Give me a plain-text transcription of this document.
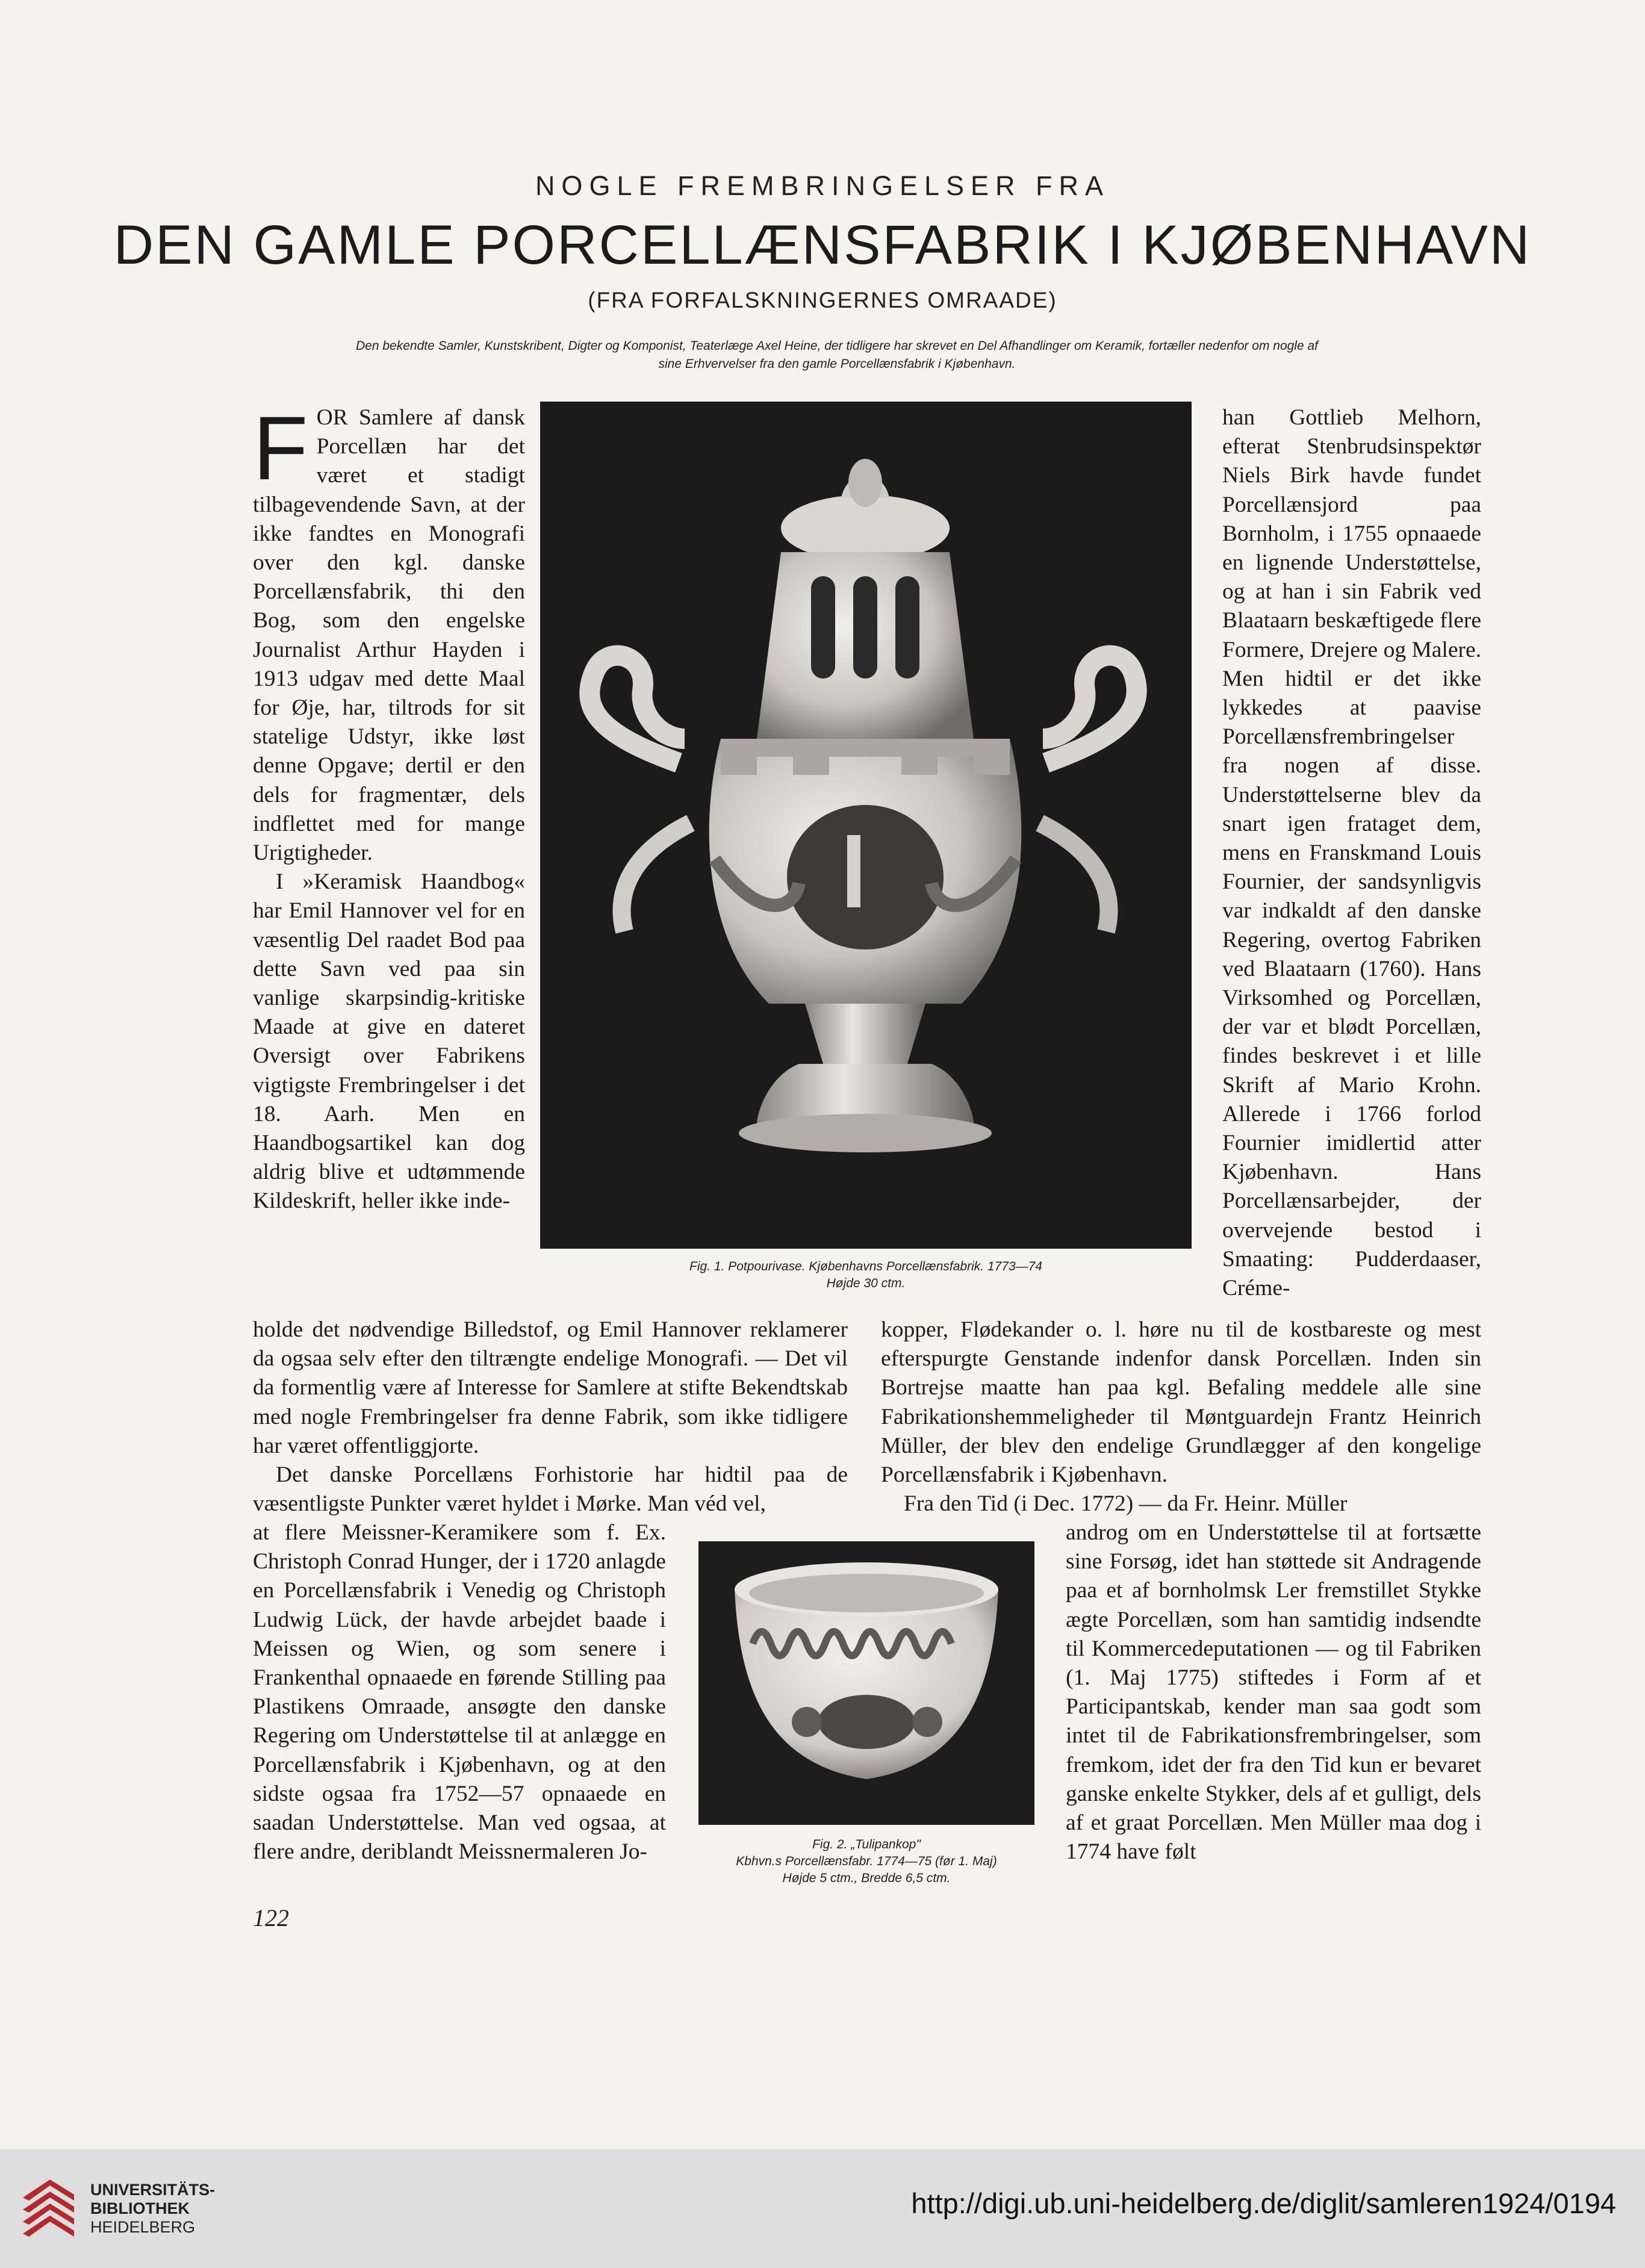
NOGLE FREMBRINGELSER FRA
DEN GAMLE PORCELLÆNSFABRIK I KJØBENHAVN
(FRA FORFALSKNINGERNES OMRAADE)
Den bekendte Samler, Kunstskribent, Digter og Komponist, Teaterlæge Axel Heine, der tidligere har skrevet en Del Afhandlinger om Keramik, fortæller nedenfor om nogle af sine Erhvervelser fra den gamle Porcellænsfabrik i Kjøbenhavn.

FOR Samlere af dansk Porcellæn har det været et stadigt tilbagevendende Savn, at der ikke fandtes en Monografi over den kgl. danske Porcellænsfabrik, thi den Bog, som den engelske Journalist Arthur Hayden i 1913 udgav med dette Maal for Øje, har, tiltrods for sit statelige Udstyr, ikke løst denne Opgave; dertil er den dels for fragmentær, dels indflettet med for mange Urigtigheder.

I »Keramisk Haandbog« har Emil Hannover vel for en væsentlig Del raadet Bod paa dette Savn ved paa sin vanlige skarpsindig-kritiske Maade at give en dateret Oversigt over Fabrikens vigtigste Frembringelser i det 18. Aarh. Men en Haandbogsartikel kan dog aldrig blive et udtømmende Kildeskrift, heller ikke inde-

han Gottlieb Melhorn, efterat Stenbrudsinspektør Niels Birk havde fundet Porcellænsjord paa Bornholm, i 1755 opnaaede en lignende Understøttelse, og at han i sin Fabrik ved Blaataarn beskæftigede flere Formere, Drejere og Malere. Men hidtil er det ikke lykkedes at paavise Porcellænsfrembringelser fra nogen af disse. Understøttelserne blev da snart igen frataget dem, mens en Franskmand Louis Fournier, der sandsynligvis var indkaldt af den danske Regering, overtog Fabriken ved Blaataarn (1760). Hans Virksomhed og Porcellæn, der var et blødt Porcellæn, findes beskrevet i et lille Skrift af Mario Krohn. Allerede i 1766 forlod Fournier imidlertid atter Kjøbenhavn. Hans Porcellænsarbejder, der overvejende bestod i Smaating: Pudderdaaser, Créme-

Fig. 1. Potpourivase. Kjøbenhavns Porcellænsfabrik. 1773—74
Højde 30 ctm.

holde det nødvendige Billedstof, og Emil Hannover reklamerer da ogsaa selv efter den tiltrængte endelige Monografi. — Det vil da formentlig være af Interesse for Samlere at stifte Bekendtskab med nogle Frembringelser fra denne Fabrik, som ikke tidligere har været offentliggjorte.

Det danske Porcellæns Forhistorie har hidtil paa de væsentligste Punkter været hyldet i Mørke. Man véd vel,

at flere Meissner-Keramikere som f. Ex. Christoph Conrad Hunger, der i 1720 anlagde en Porcellænsfabrik i Venedig og Christoph Ludwig Lück, der havde arbejdet baade i Meissen og Wien, og som senere i Frankenthal opnaaede en førende Stilling paa Plastikens Omraade, ansøgte den danske Regering om Understøttelse til at anlægge en Porcellænsfabrik i Kjøbenhavn, og at den sidste ogsaa fra 1752—57 opnaaede en saadan Understøttelse. Man ved ogsaa, at flere andre, deriblandt Meissnermaleren Jo-

kopper, Flødekander o. l. høre nu til de kostbareste og mest efterspurgte Genstande indenfor dansk Porcellæn. Inden sin Bortrejse maatte han paa kgl. Befaling meddele alle sine Fabrikationshemmeligheder til Møntguardejn Frantz Heinrich Müller, der blev den endelige Grundlægger af den kongelige Porcellænsfabrik i Kjøbenhavn.

Fra den Tid (i Dec. 1772) — da Fr. Heinr. Müller

androg om en Understøttelse til at fortsætte sine Forsøg, idet han støttede sit Andragende paa et af bornholmsk Ler fremstillet Stykke ægte Porcellæn, som han samtidig indsendte til Kommercedeputationen — og til Fabriken (1. Maj 1775) stiftedes i Form af et Participantskab, kender man saa godt som intet til de Fabrikationsfrembringelser, som fremkom, idet der fra den Tid kun er bevaret ganske enkelte Stykker, dels af et gulligt, dels af et graat Porcellæn. Men Müller maa dog i 1774 have følt

Fig. 2. „Tulipankop"
Kbhvn.s Porcellænsfabr. 1774—75 (før 1. Maj)
Højde 5 ctm., Bredde 6,5 ctm.
122
UNIVERSITÄTS-
BIBLIOTHEK
HEIDELBERG
http://digi.ub.uni-heidelberg.de/diglit/samleren1924/0194
